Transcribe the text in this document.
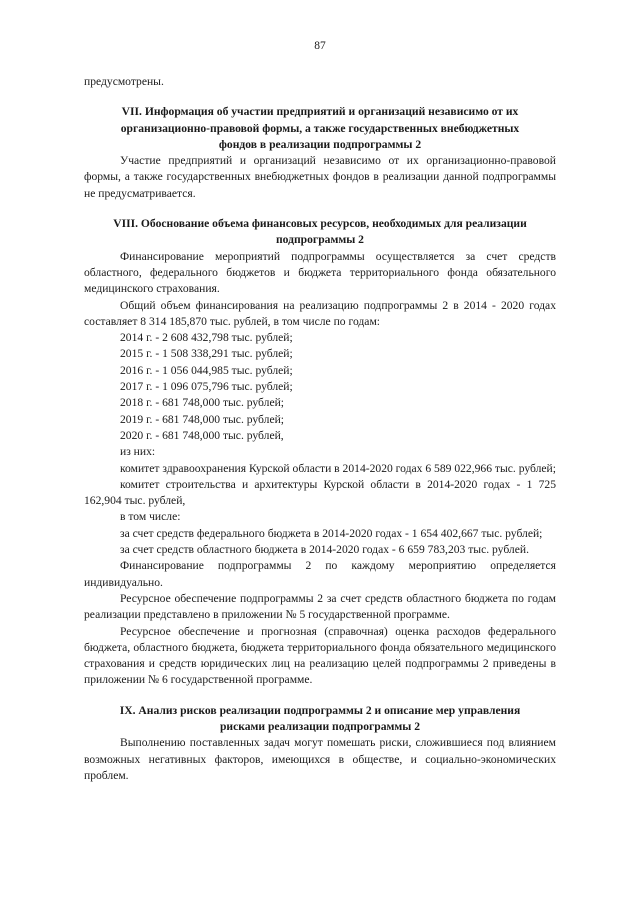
87

предусмотрены.

VII. Информация об участии предприятий и организаций независимо от их организационно-правовой формы, а также государственных внебюджетных фондов в реализации подпрограммы 2

Участие предприятий и организаций независимо от их организационно-правовой формы, а также государственных внебюджетных фондов в реализации данной подпрограммы не предусматривается.

VIII. Обоснование объема финансовых ресурсов, необходимых для реализации подпрограммы 2

Финансирование мероприятий подпрограммы осуществляется за счет средств областного, федерального бюджетов и бюджета территориального фонда обязательного медицинского страхования.

Общий объем финансирования на реализацию подпрограммы 2 в 2014 - 2020 годах составляет 8 314 185,870 тыс. рублей, в том числе по годам:

2014 г. - 2 608 432,798 тыс. рублей;

2015 г. - 1 508 338,291 тыс. рублей;

2016 г. - 1 056 044,985 тыс. рублей;

2017 г. - 1 096 075,796 тыс. рублей;

2018 г. - 681 748,000 тыс. рублей;

2019 г. - 681 748,000 тыс. рублей;

2020 г. - 681 748,000 тыс. рублей,

из них:

комитет здравоохранения Курской области в 2014-2020 годах 6 589 022,966 тыс. рублей;

комитет строительства и архитектуры Курской области в 2014-2020 годах - 1 725 162,904 тыс. рублей,

в том числе:

за счет средств федерального бюджета в 2014-2020 годах - 1 654 402,667 тыс. рублей;

за счет средств областного бюджета в 2014-2020 годах - 6 659 783,203 тыс. рублей.

Финансирование подпрограммы 2 по каждому мероприятию определяется индивидуально.

Ресурсное обеспечение подпрограммы 2 за счет средств областного бюджета по годам реализации представлено в приложении № 5 государственной программе.

Ресурсное обеспечение и прогнозная (справочная) оценка расходов федерального бюджета, областного бюджета, бюджета территориального фонда обязательного медицинского страхования и средств юридических лиц на реализацию целей подпрограммы 2 приведены в приложении № 6 государственной программе.

IX. Анализ рисков реализации подпрограммы 2 и описание мер управления рисками реализации подпрограммы 2

Выполнению поставленных задач могут помешать риски, сложившиеся под влиянием возможных негативных факторов, имеющихся в обществе, и социально-экономических проблем.
